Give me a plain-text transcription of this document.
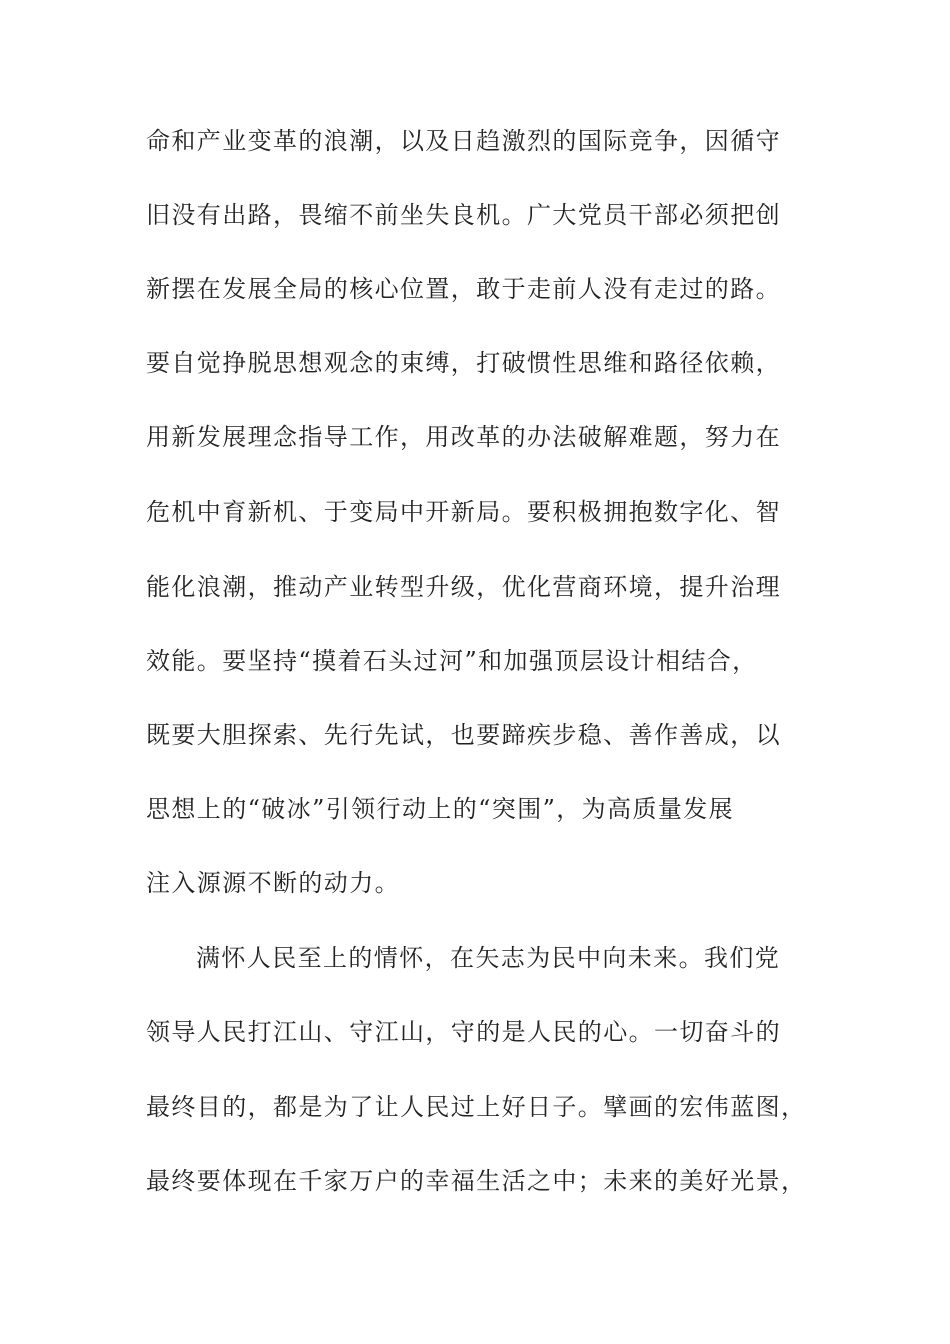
命和产业变革的浪潮，以及日趋激烈的国际竞争，因循守
旧没有出路，畏缩不前坐失良机。广大党员干部必须把创
新摆在发展全局的核心位置，敢于走前人没有走过的路。
要自觉挣脱思想观念的束缚，打破惯性思维和路径依赖，
用新发展理念指导工作，用改革的办法破解难题，努力在
危机中育新机、于变局中开新局。要积极拥抱数字化、智
能化浪潮，推动产业转型升级，优化营商环境，提升治理
效能。要坚持“摸着石头过河”和加强顶层设计相结合，
既要大胆探索、先行先试，也要蹄疾步稳、善作善成，以
思想上的“破冰”引领行动上的“突围”，为高质量发展
注入源源不断的动力。
满怀人民至上的情怀，在矢志为民中向未来。我们党
领导人民打江山、守江山，守的是人民的心。一切奋斗的
最终目的，都是为了让人民过上好日子。擘画的宏伟蓝图，
最终要体现在千家万户的幸福生活之中；未来的美好光景，
